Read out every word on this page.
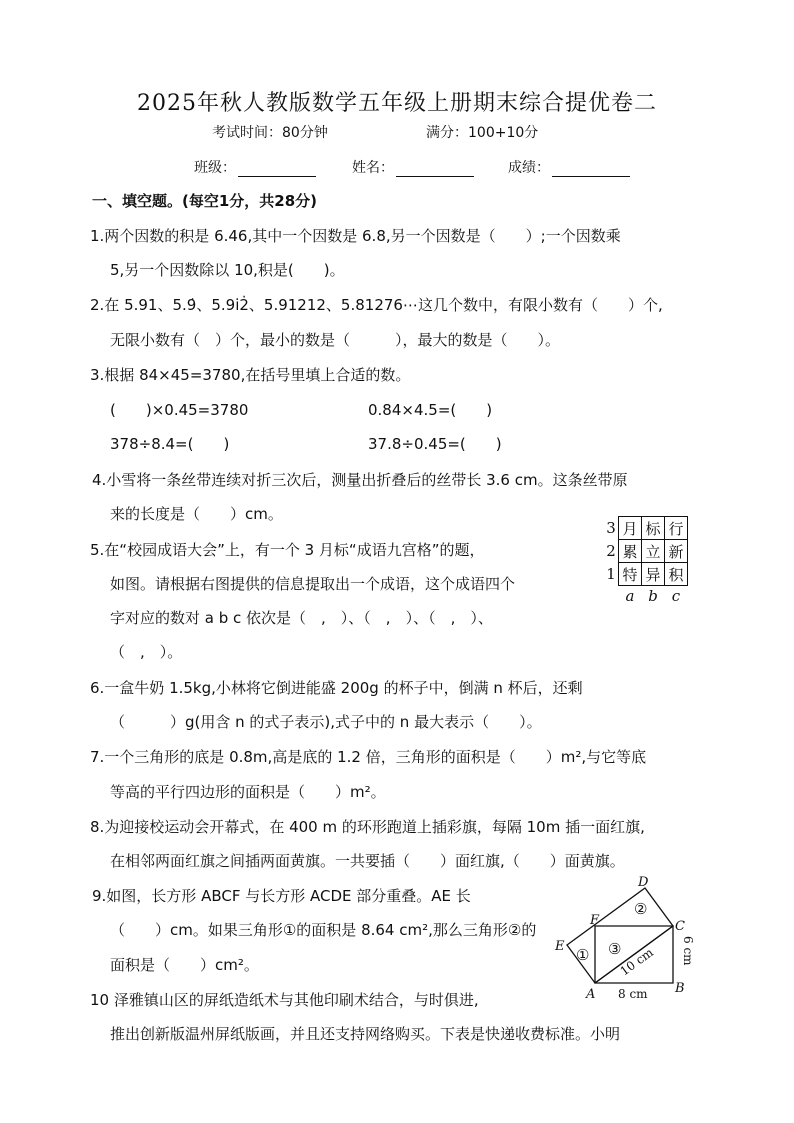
2025年秋人教版数学五年级上册期末综合提优卷二
考试时间：80分钟	满分：100+10分
班级：	姓名：	成绩：
一、填空题。(每空1分，共28分)
1.两个因数的积是 6.46,其中一个因数是 6.8,另一个因数是（　　）;一个因数乘
5,另一个因数除以 10,积是(　　)。
2.在 5.91、5.9̇、5.9i̇2̇、5.91212、5.81276⋯这几个数中，有限小数有（　　）个,
无限小数有（　）个，最小的数是（　　　），最大的数是（　　）。
3.根据 84×45=3780,在括号里填上合适的数。
(　　)×0.45=3780	0.84×4.5=(　　)
378÷8.4=(　　)	37.8÷0.45=(　　)
4.小雪将一条丝带连续对折三次后，测量出折叠后的丝带长 3.6 cm。这条丝带原
来的长度是（　　）cm。
5.在“校园成语大会”上，有一个 3 月标“成语九宫格”的题，
如图。请根据右图提供的信息提取出一个成语，这个成语四个
字对应的数对 a b c 依次是（　,　）、（　,　）、（　,　）、
（　,　）。
3	月	标	行
2	累	立	新
1	特	异	积
	a	b	c
6.一盒牛奶 1.5kg,小林将它倒进能盛 200g 的杯子中，倒满 n 杯后，还剩
（　　　）g(用含 n 的式子表示),式子中的 n 最大表示（　　）。
7.一个三角形的底是 0.8m,高是底的 1.2 倍，三角形的面积是（　　）m²,与它等底
等高的平行四边形的面积是（　　）m²。
8.为迎接校运动会开幕式，在 400 m 的环形跑道上插彩旗，每隔 10m 插一面红旗,
在相邻两面红旗之间插两面黄旗。一共要插（　　）面红旗,（　　）面黄旗。
9.如图，长方形 ABCF 与长方形 ACDE 部分重叠。AE 长
（　　）cm。如果三角形①的面积是 8.64 cm²,那么三角形②的
面积是（　　）cm²。
10 泽雅镇山区的屏纸造纸术与其他印刷术结合，与时俱进,
推出创新版温州屏纸版画，并且还支持网络购买。下表是快递收费标准。小明
D
F	C
E
A	B
①
②
③
10 cm
8 cm
6 cm
